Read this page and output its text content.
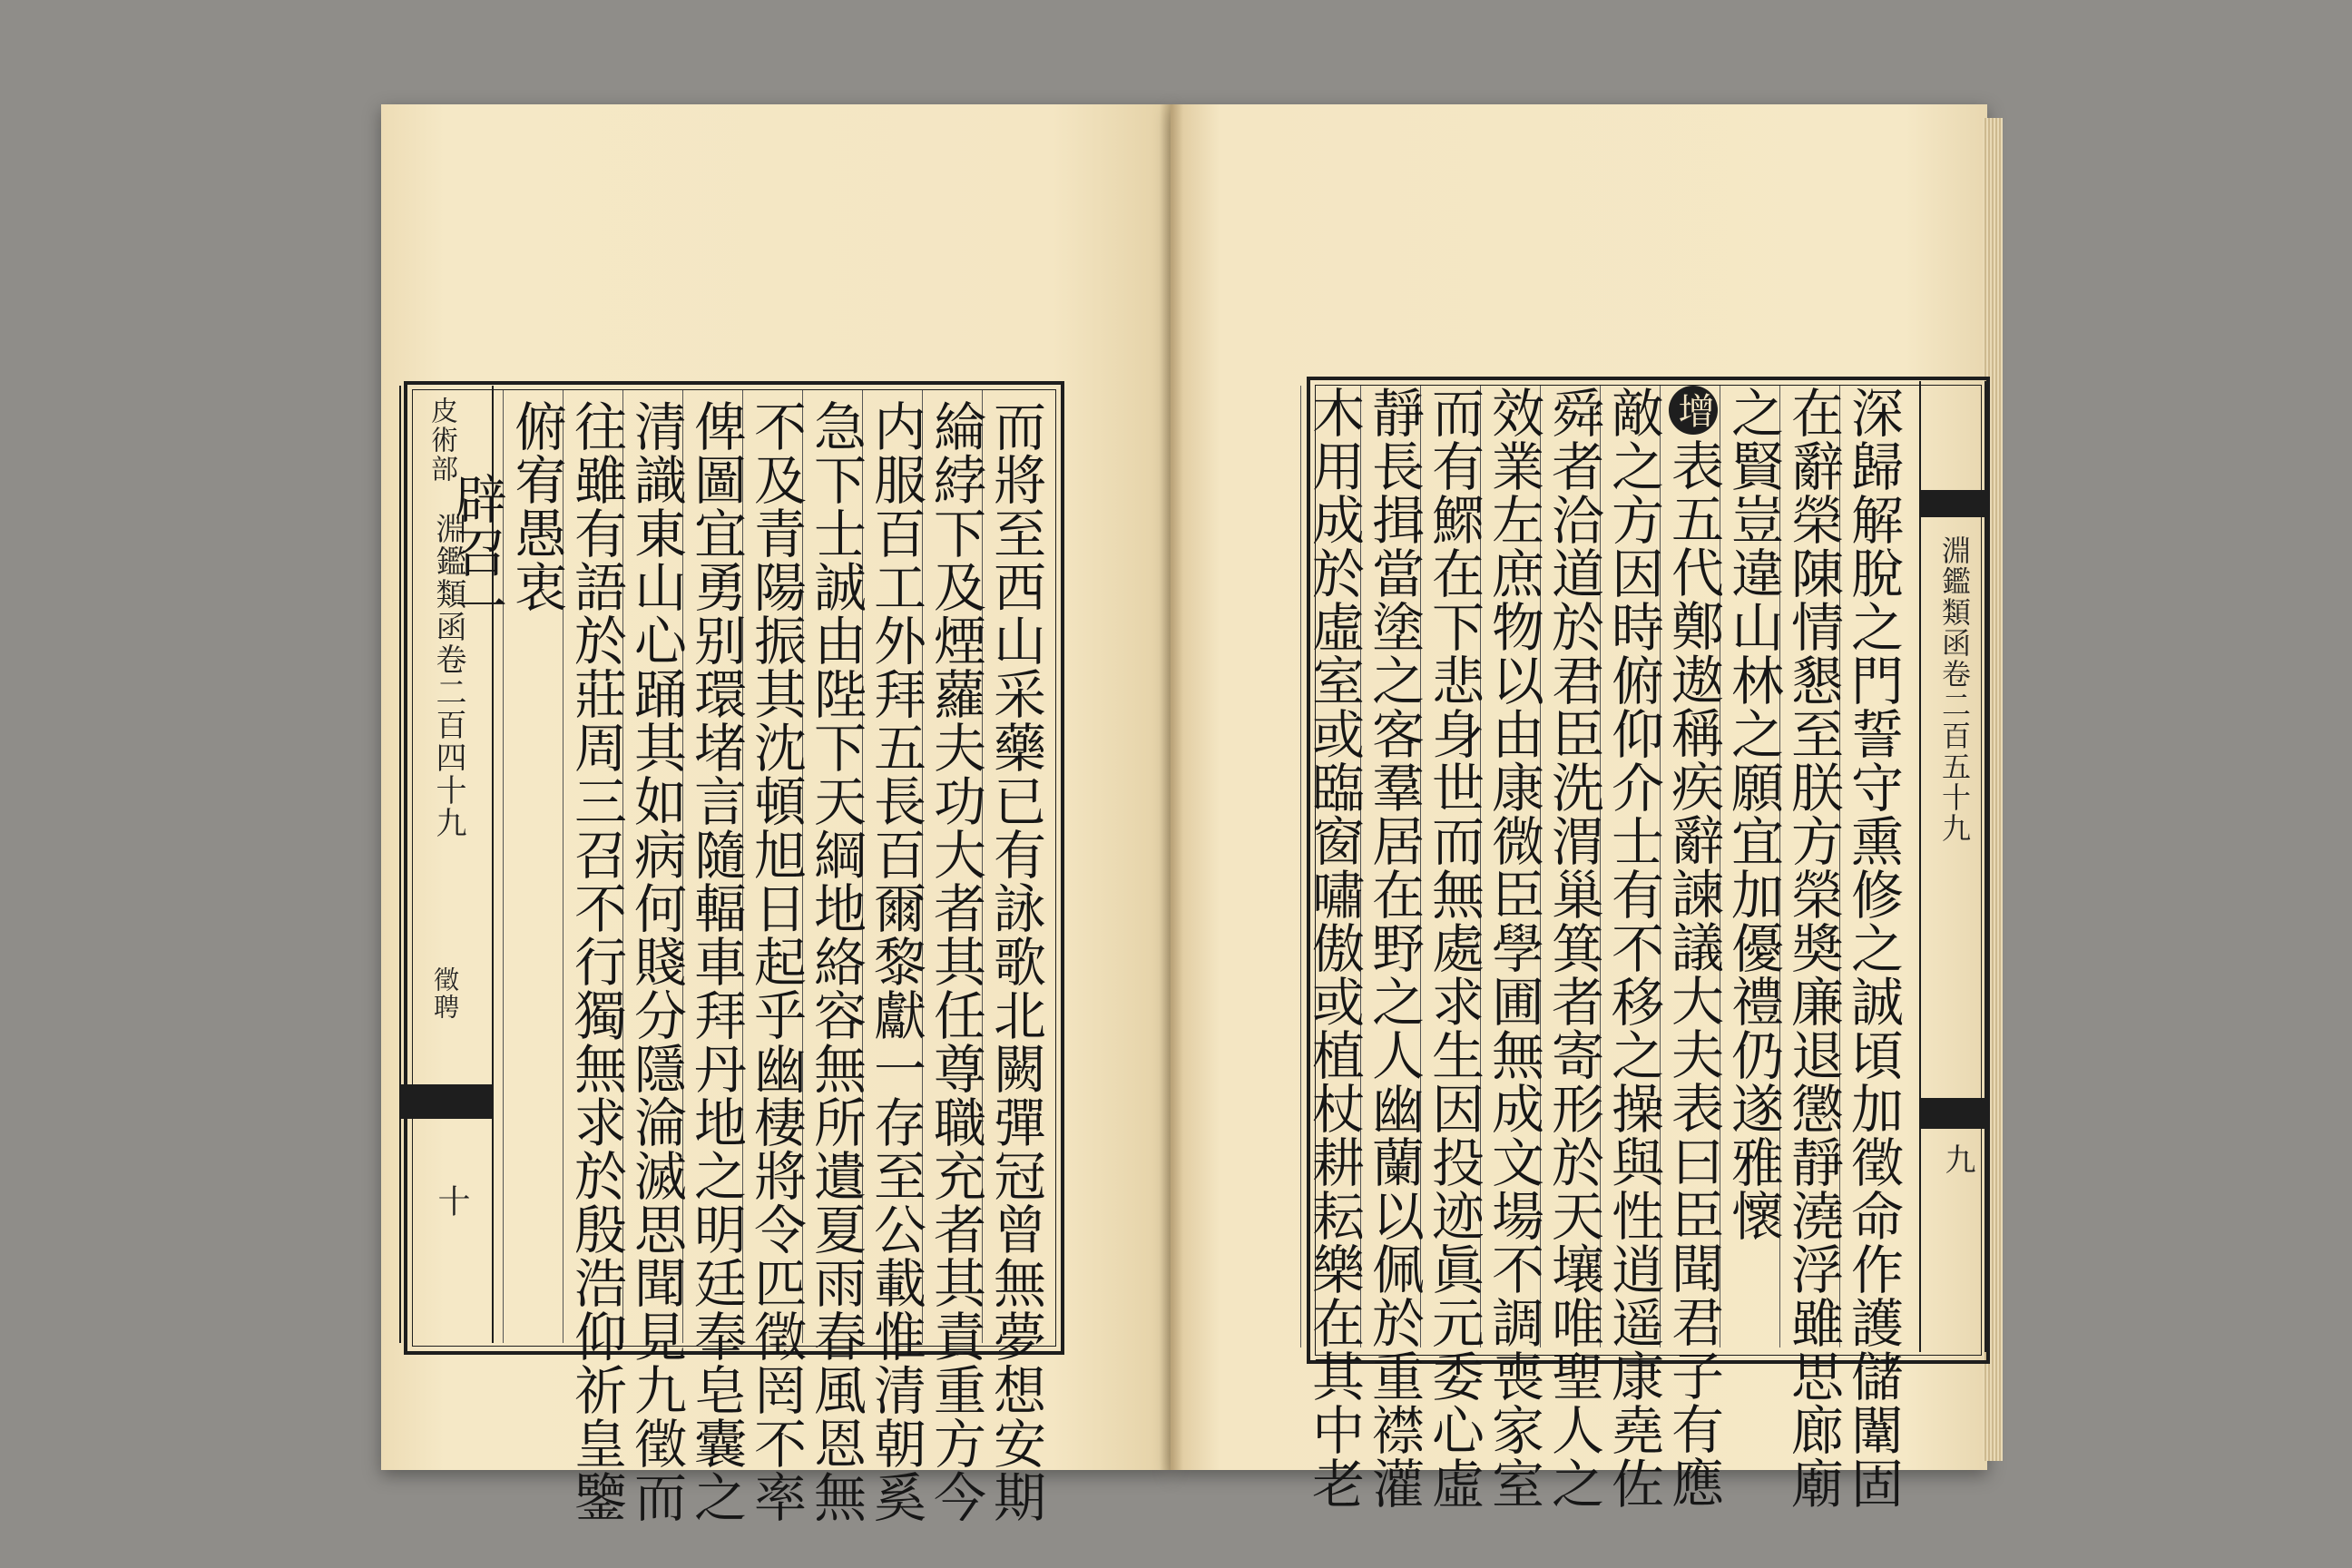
皮術部
淵鑑類函卷二百四十九
徵聘
十	而將至西山采藥已有詠歌北闕彈冠曾無夢想安期
綸綍下及煙蘿夫功大者其任尊職充者其責重方今
内服百工外拜五長百爾黎獻一存至公載惟清朝奚
急下士誠由陛下天綱地絡容無所遺夏雨春風恩無
不及青陽振其沈頓旭日起乎幽棲將令匹徵罔不率
俾圖宜勇别環堵言隨輻車拜丹地之明廷奉皂囊之
清識東山心踊其如病何賤分隱淪滅思聞見九徵而
往雖有語於莊周三召不行獨無求於殷浩仰祈皇鑒
俯宥愚衷
辟召一	淵鑑類函卷二百五十九
九
深歸解脫之門誓守熏修之誠頃加徵命作護儲闈固
在辭榮陳情懇至朕方榮奬廉退懲靜澆浮雖思廊廟
之賢豈違山林之願宜加優禮仍遂雅懷
增表五代鄭遨稱疾辭諫議大夫表曰臣聞君子有應
敵之方因時俯仰介士有不移之操與性逍遥康堯佐
舜者洽道於君臣洗渭巢箕者寄形於天壤唯聖人之
效業左庶物以由康微臣學圃無成文場不調喪家室
而有鰥在下悲身世而無處求生因投迹眞元委心虛
靜長揖當塗之客羣居在野之人幽蘭以佩於重襟灌
木用成於虛室或臨窗嘯傲或植杖耕耘樂在其中老
